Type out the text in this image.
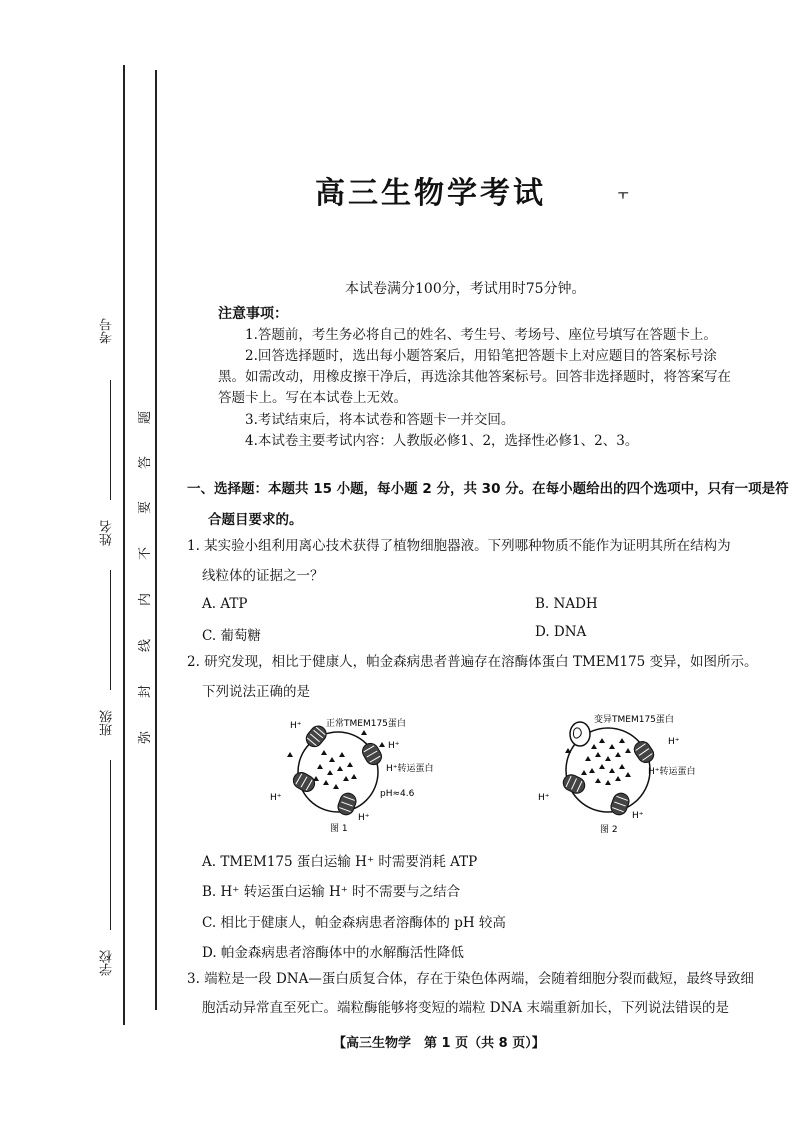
考号
姓名
班级
学校
题
答
要
不
内
线
封
弥
高三生物学考试	᠇
本试卷满分100分，考试用时75分钟。
注意事项：
1.答题前，考生务必将自己的姓名、考生号、考场号、座位号填写在答题卡上。
2.回答选择题时，选出每小题答案后，用铅笔把答题卡上对应题目的答案标号涂
黑。如需改动，用橡皮擦干净后，再选涂其他答案标号。回答非选择题时，将答案写在
答题卡上。写在本试卷上无效。
3.考试结束后，将本试卷和答题卡一并交回。
4.本试卷主要考试内容：人教版必修1、2，选择性必修1、2、3。
一、选择题：本题共 15 小题，每小题 2 分，共 30 分。在每小题给出的四个选项中，只有一项是符
合题目要求的。
1. 某实验小组利用离心技术获得了植物细胞器液。下列哪种物质不能作为证明其所在结构为
线粒体的证据之一？
A. ATP	B. NADH
C. 葡萄糖	D. DNA
2. 研究发现，相比于健康人，帕金森病患者普遍存在溶酶体蛋白 TMEM175 变异，如图所示。
下列说法正确的是
H⁺	正常TMEM175蛋白
H⁺
H⁺转运蛋白
pH≈4.6
H⁺
H⁺
图 1
变异TMEM175蛋白
H⁺
H⁺转运蛋白
H⁺
H⁺
图 2
A. TMEM175 蛋白运输 H⁺ 时需要消耗 ATP
B. H⁺ 转运蛋白运输 H⁺ 时不需要与之结合
C. 相比于健康人，帕金森病患者溶酶体的 pH 较高
D. 帕金森病患者溶酶体中的水解酶活性降低
3. 端粒是一段 DNA—蛋白质复合体，存在于染色体两端，会随着细胞分裂而截短，最终导致细
胞活动异常直至死亡。端粒酶能够将变短的端粒 DNA 末端重新加长，下列说法错误的是
【高三生物学　第 1 页（共 8 页）】
